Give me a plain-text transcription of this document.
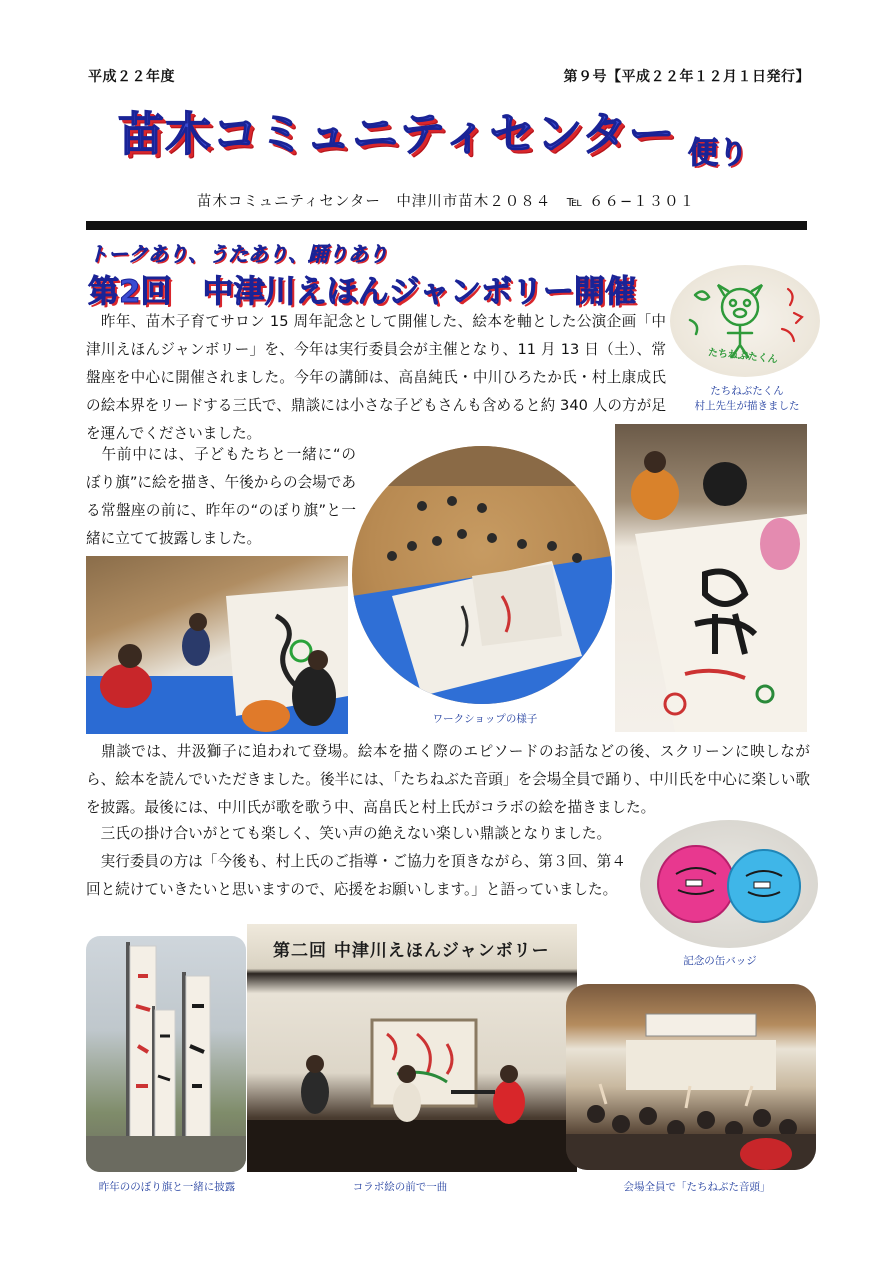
平成２２年度	第９号【平成２２年１２月１日発行】
苗木コミュニティセンター 便り
苗木コミュニティセンター　中津川市苗木２０８４　℡ ６６−１３０１
トークあり、うたあり、踊りあり
第2回　中津川えほんジャンボリー開催

　昨年、苗木子育てサロン 15 周年記念として開催した、絵本を軸とした公演企画「中津川えほんジャンボリー」を、今年は実行委員会が主催となり、11 月 13 日（土）、常盤座を中心に開催されました。今年の講師は、高畠純氏・中川ひろたか氏・村上康成氏の絵本界をリードする三氏で、鼎談には小さな子どもさんも含めると約 340 人の方が足を運んでくださいました。

　午前中には、子どもたちと一緒に“のぼり旗”に絵を描き、午後からの会場である常盤座の前に、昨年の“のぼり旗”と一緒に立てて披露しました。

　鼎談では、井汲獅子に追われて登場。絵本を描く際のエピソードのお話などの後、スクリーンに映しながら、絵本を読んでいただきました。後半には、「たちねぶた音頭」を会場全員で踊り、中川氏を中心に楽しい歌を披露。最後には、中川氏が歌を歌う中、高畠氏と村上氏がコラボの絵を描きました。

　三氏の掛け合いがとても楽しく、笑い声の絶えない楽しい鼎談となりました。

　実行委員の方は「今後も、村上氏のご指導・ご協力を頂きながら、第３回、第４回と続けていきたいと思いますので、応援をお願いします。」と語っていました。

たちねぶたくん
たちねぶたくん
村上先生が描きました
ワークショップの様子
記念の缶バッジ
昨年ののぼり旗と一緒に披露
第二回 中津川えほんジャンボリー
コラボ絵の前で一曲	会場全員で「たちねぶた音頭」
